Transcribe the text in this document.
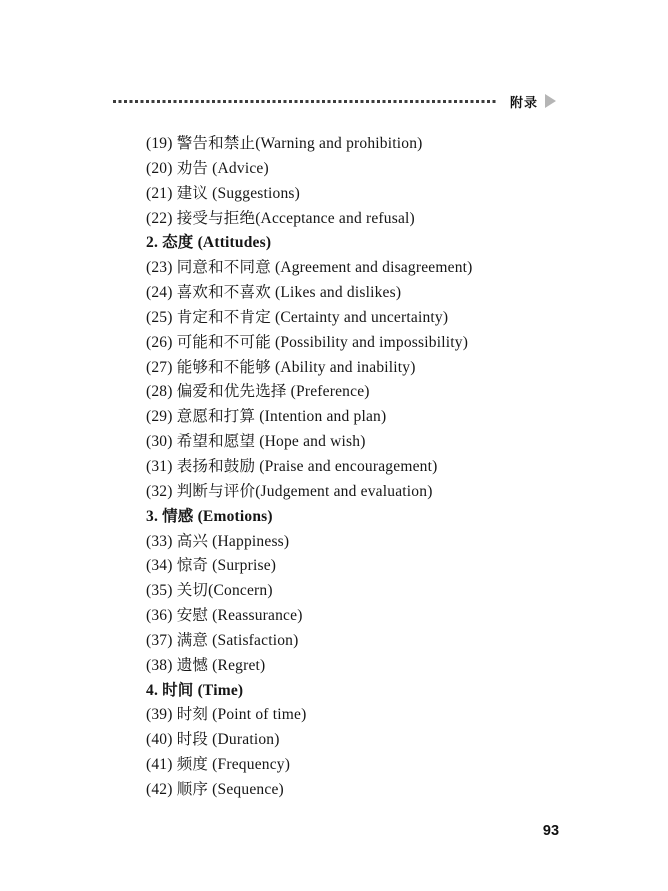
附录
(19) 警告和禁止(Warning and prohibition)
(20) 劝告 (Advice)
(21) 建议 (Suggestions)
(22) 接受与拒绝(Acceptance and refusal)
2. 态度 (Attitudes)
(23) 同意和不同意 (Agreement and disagreement)
(24) 喜欢和不喜欢 (Likes and dislikes)
(25) 肯定和不肯定 (Certainty and uncertainty)
(26) 可能和不可能 (Possibility and impossibility)
(27) 能够和不能够 (Ability and inability)
(28) 偏爱和优先选择 (Preference)
(29) 意愿和打算 (Intention and plan)
(30) 希望和愿望 (Hope and wish)
(31) 表扬和鼓励 (Praise and encouragement)
(32) 判断与评价(Judgement and evaluation)
3. 情感 (Emotions)
(33) 高兴 (Happiness)
(34) 惊奇 (Surprise)
(35) 关切(Concern)
(36) 安慰 (Reassurance)
(37) 满意 (Satisfaction)
(38) 遗憾 (Regret)
4. 时间 (Time)
(39) 时刻 (Point of time)
(40) 时段 (Duration)
(41) 频度 (Frequency)
(42) 顺序 (Sequence)
93
